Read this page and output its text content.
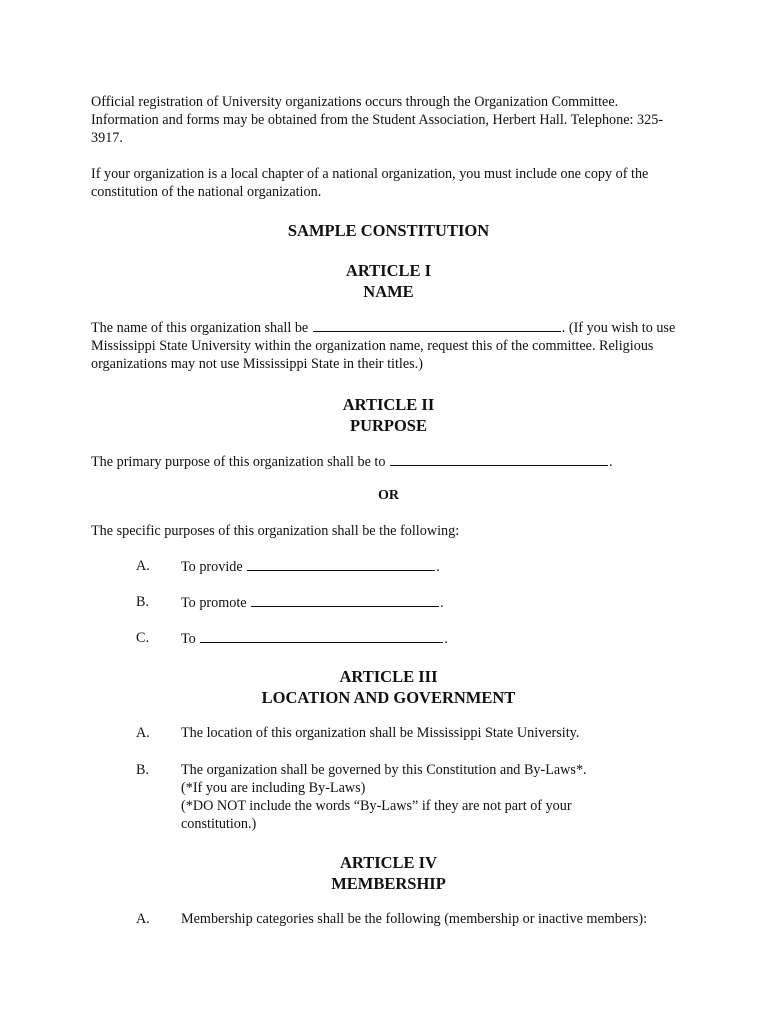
Official registration of University organizations occurs through the Organization Committee. Information and forms may be obtained from the Student Association, Herbert Hall. Telephone: 325-3917.

If your organization is a local chapter of a national organization, you must include one copy of the constitution of the national organization.

SAMPLE CONSTITUTION

ARTICLE I

NAME

The name of this organization shall be	. (If you wish to use Mississippi State University within the organization name, request this of the committee. Religious organizations may not use Mississippi State in their titles.)

ARTICLE II

PURPOSE

The primary purpose of this organization shall be to	.

OR

The specific purposes of this organization shall be the following:

A.	To provide	.
B.	To promote	.
C.	To	.

ARTICLE III

LOCATION AND GOVERNMENT

A.	The location of this organization shall be Mississippi State University.
B.	The organization shall be governed by this Constitution and By-Laws*.
(*If you are including By-Laws)
(*DO NOT include the words “By-Laws” if they are not part of your constitution.)

ARTICLE IV

MEMBERSHIP

A.	Membership categories shall be the following (membership or inactive members):
